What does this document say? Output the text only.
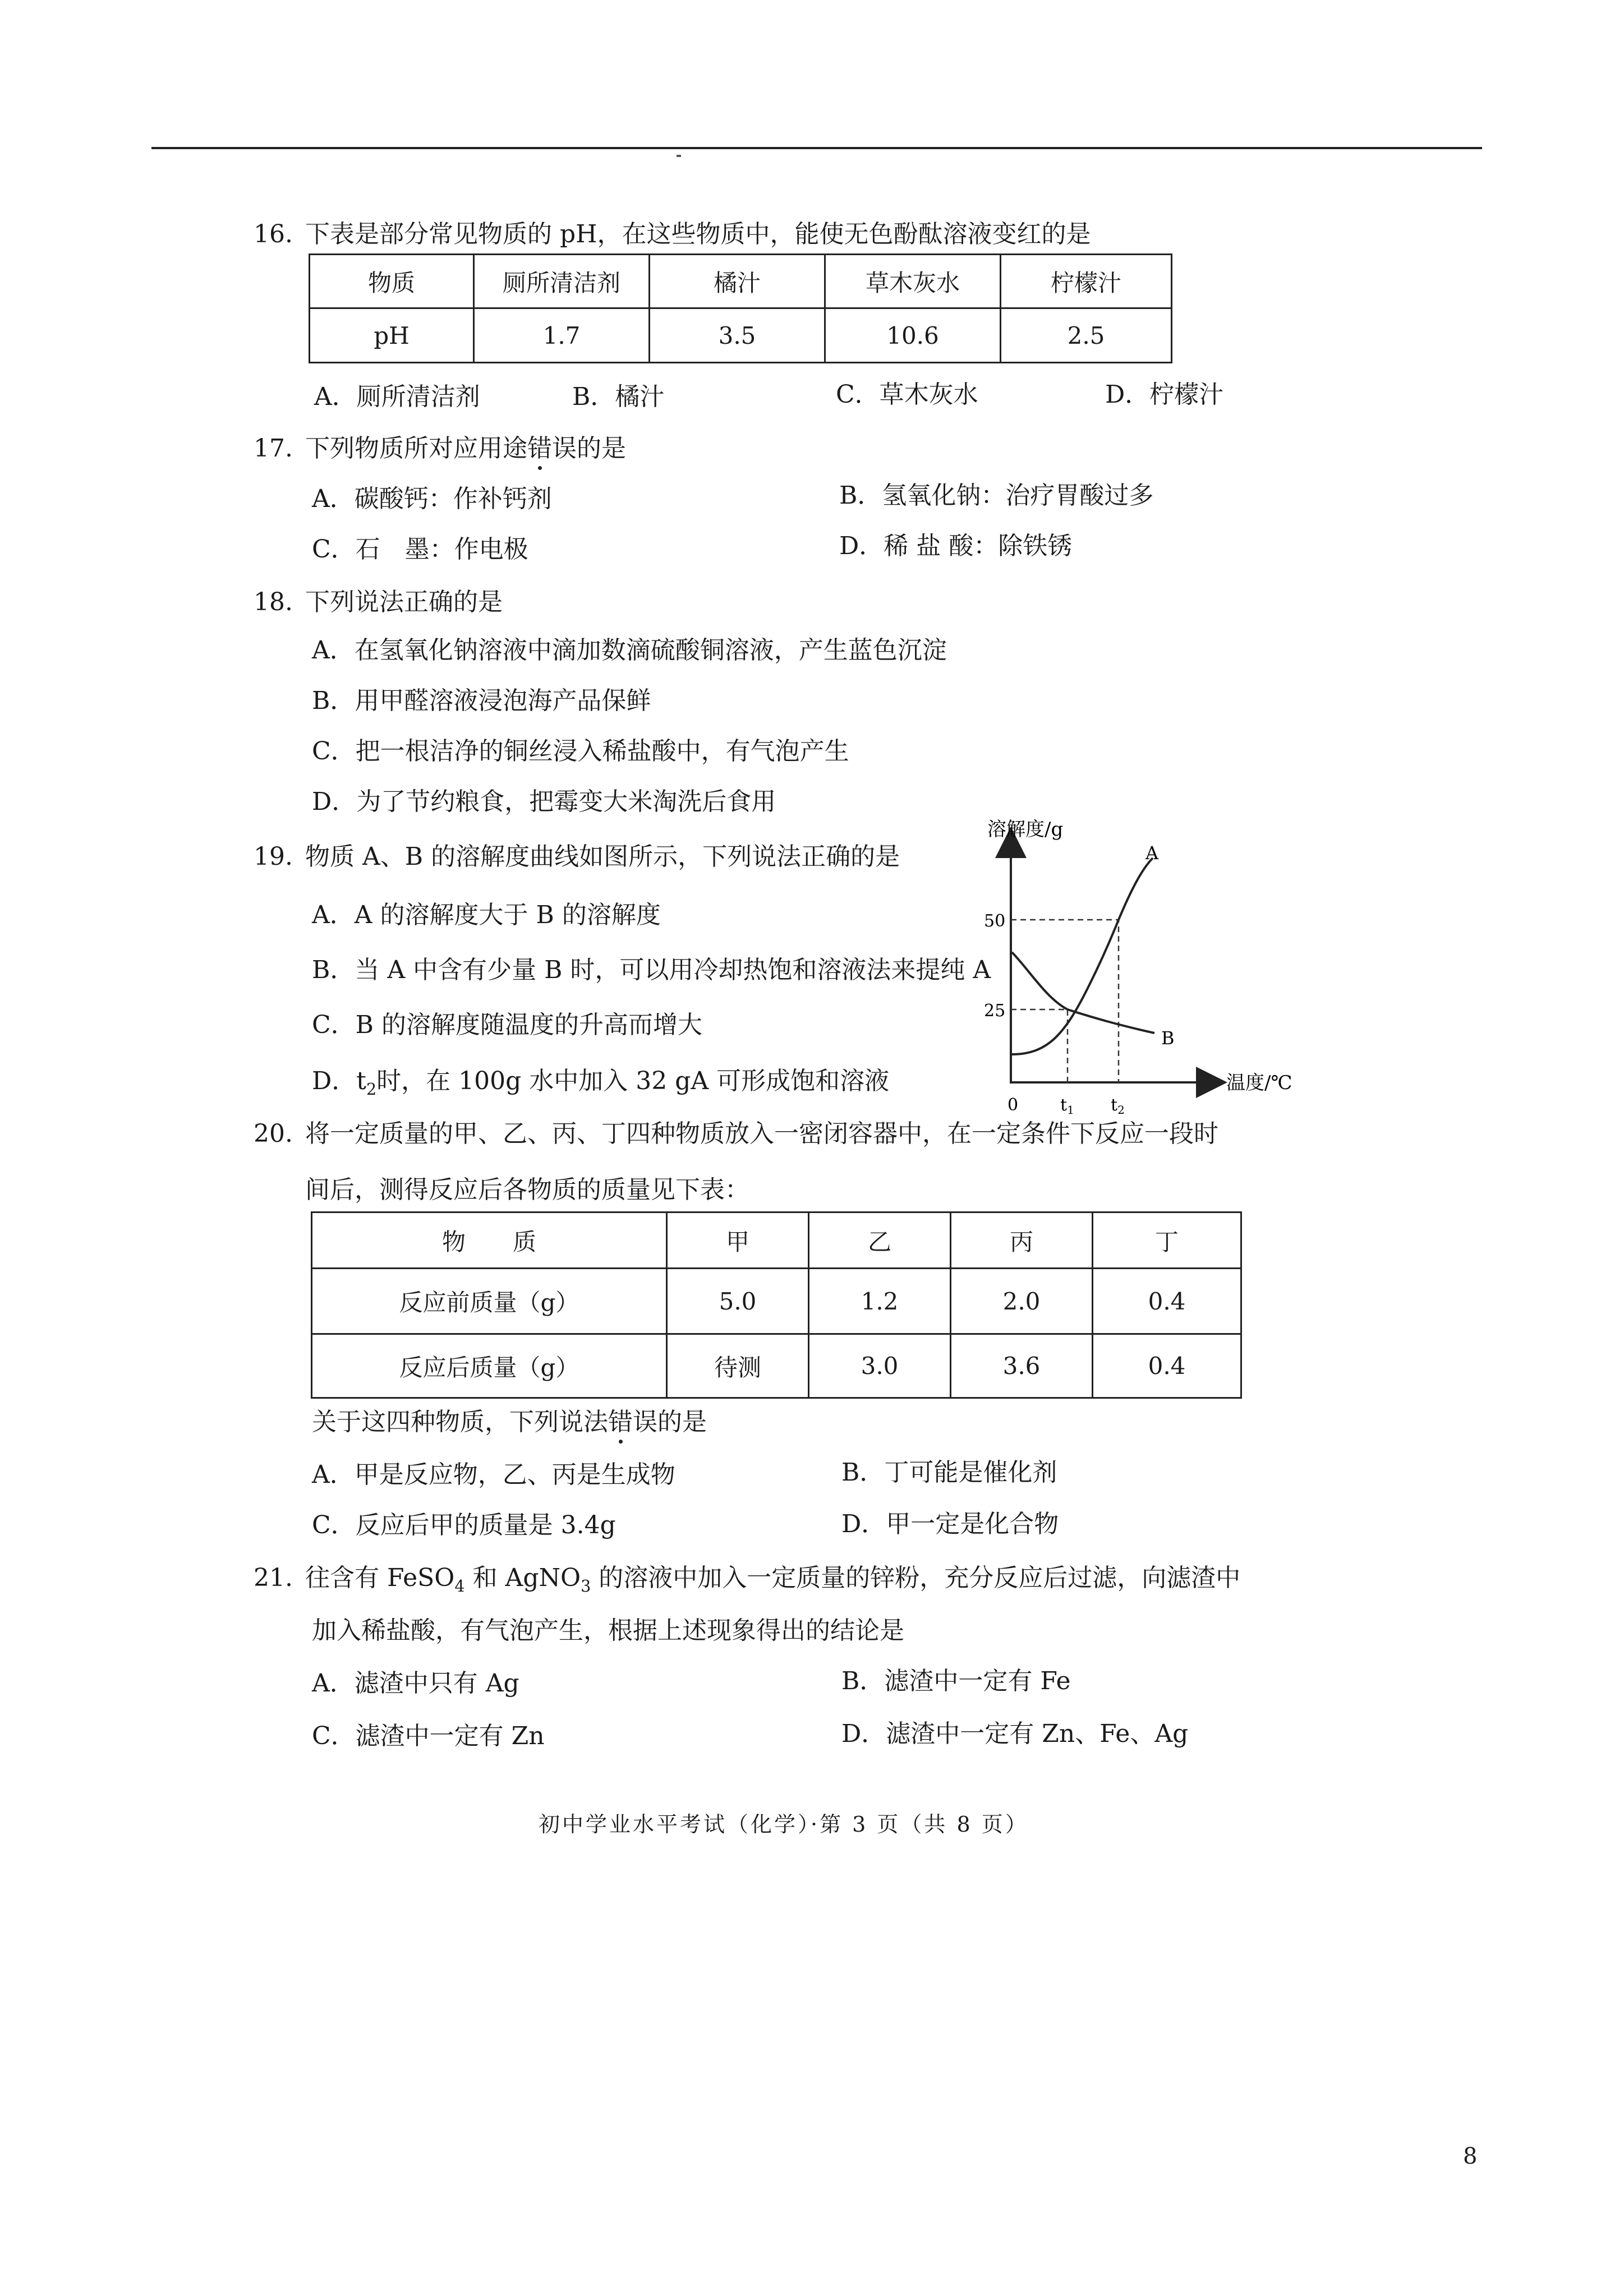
16. 下表是部分常见物质的 pH，在这些物质中，能使无色酚酞溶液变红的是
物质	厕所清洁剂	橘汁	草木灰水	柠檬汁
pH	1.7	3.5	10.6	2.5
A．厕所清洁剂	B．橘汁	C．草木灰水	D．柠檬汁
17. 下列物质所对应用途错误的是
A．碳酸钙：作补钙剂	B．氢氧化钠：治疗胃酸过多
C．石　墨：作电极	D．稀 盐 酸：除铁锈
18. 下列说法正确的是
A．在氢氧化钠溶液中滴加数滴硫酸铜溶液，产生蓝色沉淀
B．用甲醛溶液浸泡海产品保鲜
C．把一根洁净的铜丝浸入稀盐酸中，有气泡产生
D．为了节约粮食，把霉变大米淘洗后食用
19. 物质 A、B 的溶解度曲线如图所示，下列说法正确的是
A．A 的溶解度大于 B 的溶解度
B．当 A 中含有少量 B 时，可以用冷却热饱和溶液法来提纯 A
C．B 的溶解度随温度的升高而增大
D．$t_2$时，在 100g 水中加入 32 gA 可形成饱和溶液
溶解度/g
温度/℃
0
50
25
$t_1$ $t_2$
A
B
20. 将一定质量的甲、乙、丙、丁四种物质放入一密闭容器中，在一定条件下反应一段时
间后，测得反应后各物质的质量见下表：
物　　质	甲	乙	丙	丁
反应前质量（g）	5.0	1.2	2.0	0.4
反应后质量（g）	待测	3.0	3.6	0.4
关于这四种物质，下列说法错误的是
A．甲是反应物，乙、丙是生成物	B．丁可能是催化剂
C．反应后甲的质量是 3.4g	D．甲一定是化合物
21. 往含有 FeSO$_4$ 和 AgNO$_3$ 的溶液中加入一定质量的锌粉，充分反应后过滤，向滤渣中
加入稀盐酸，有气泡产生，根据上述现象得出的结论是
A．滤渣中只有 Ag	B．滤渣中一定有 Fe
C．滤渣中一定有 Zn	D．滤渣中一定有 Zn、Fe、Ag
初中学业水平考试（化学）·第 3 页（共 8 页）
8
